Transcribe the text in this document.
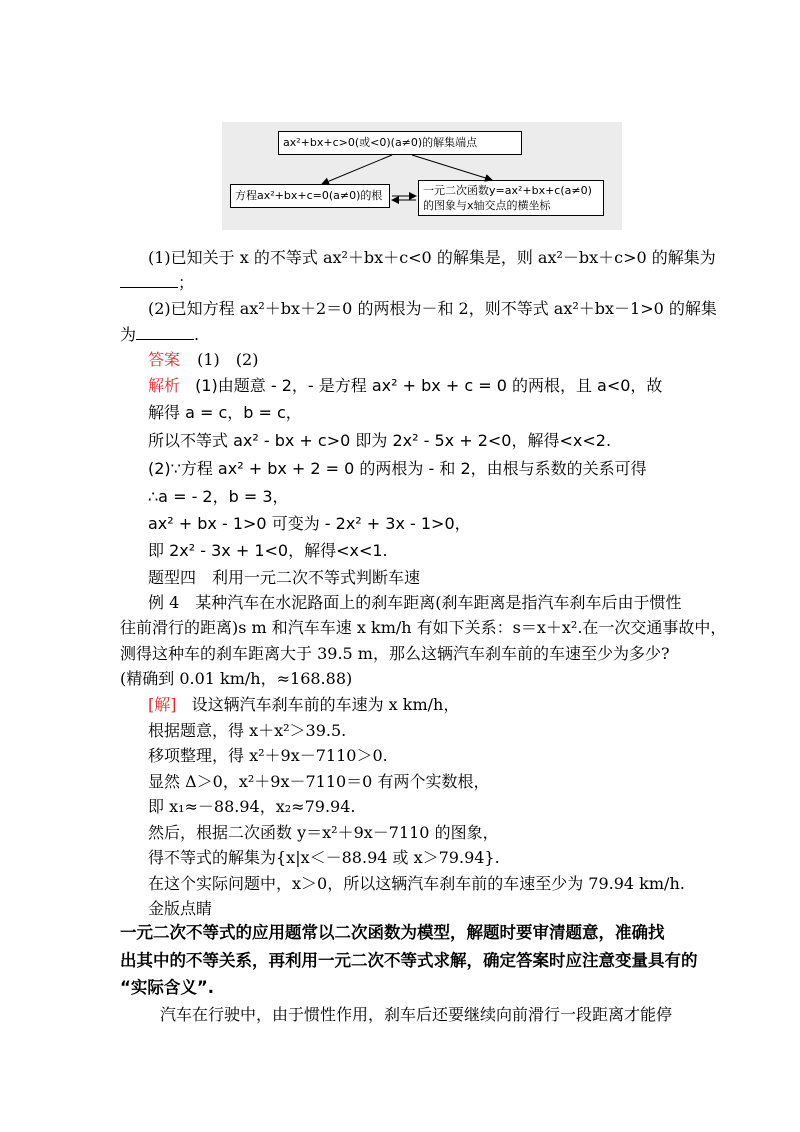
ax²+bx+c>0(或<0)(a≠0)的解集端点
方程ax²+bx+c=0(a≠0)的根	一元二次函数y=ax²+bx+c(a≠0)
的图象与x轴交点的横坐标
(1)已知关于 x 的不等式 ax²＋bx＋c<0 的解集是，则 ax²－bx＋c>0 的解集为
；
(2)已知方程 ax²＋bx＋2＝0 的两根为－和 2，则不等式 ax²＋bx－1>0 的解集
为	.
答案 (1)　(2)
解析 (1)由题意 - 2，- 是方程 ax² + bx + c = 0 的两根，且 a<0，故
解得 a = c，b = c，
所以不等式 ax² - bx + c>0 即为 2x² - 5x + 2<0，解得<x<2.
(2)∵方程 ax² + bx + 2 = 0 的两根为 - 和 2，由根与系数的关系可得
∴a = - 2，b = 3，
ax² + bx - 1>0 可变为 - 2x² + 3x - 1>0，
即 2x² - 3x + 1<0，解得<x<1.
题型四　利用一元二次不等式判断车速
例 4　某种汽车在水泥路面上的刹车距离(刹车距离是指汽车刹车后由于惯性
往前滑行的距离)s m 和汽车车速 x km/h 有如下关系：s＝x＋x².在一次交通事故中，
测得这种车的刹车距离大于 39.5 m，那么这辆汽车刹车前的车速至少为多少?
(精确到 0.01 km/h，≈168.88)
[解] 设这辆汽车刹车前的车速为 x km/h，
根据题意，得 x＋x²＞39.5.
移项整理，得 x²＋9x－7110＞0.
显然 Δ＞0，x²＋9x－7110＝0 有两个实数根，
即 x₁≈－88.94，x₂≈79.94.
然后，根据二次函数 y＝x²＋9x－7110 的图象，
得不等式的解集为{x|x＜－88.94 或 x＞79.94}.
在这个实际问题中，x＞0，所以这辆汽车刹车前的车速至少为 79.94 km/h.
金版点睛
一元二次不等式的应用题常以二次函数为模型，解题时要审清题意，准确找
出其中的不等关系，再利用一元二次不等式求解，确定答案时应注意变量具有的
“实际含义”.
汽车在行驶中，由于惯性作用，刹车后还要继续向前滑行一段距离才能停
